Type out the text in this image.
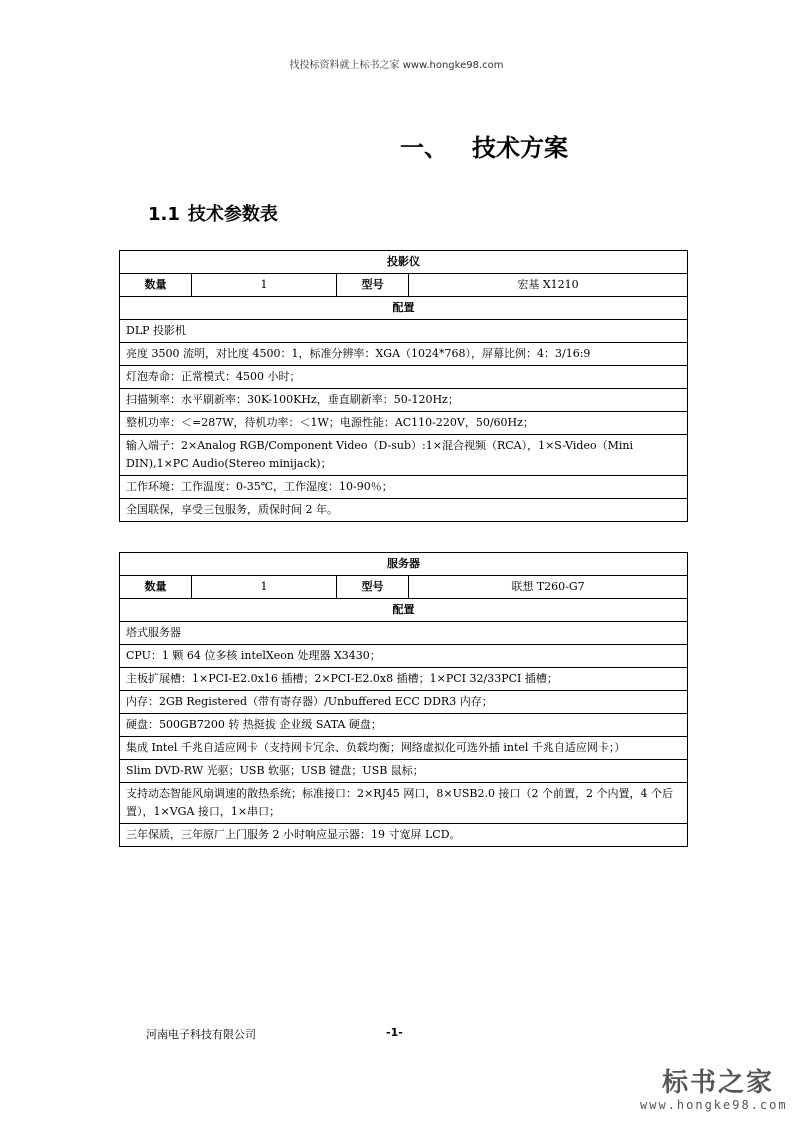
找投标资料就上标书之家 www.hongke98.com
一、 技术方案
1.1 技术参数表
投影仪
数量	1	型号	宏基 X1210
配置
DLP 投影机
亮度 3500 流明，对比度 4500：1，标准分辨率：XGA（1024*768），屏幕比例：4：3/16:9
灯泡寿命：正常模式：4500 小时；
扫描频率：水平刷新率：30K-100KHz，垂直刷新率：50-120Hz；
整机功率：＜=287W，待机功率：＜1W；电源性能：AC110-220V，50/60Hz；
输入端子：2×Analog RGB/Component Video（D-sub）:1×混合视频（RCA），1×S-Video（Mini DIN),1×PC Audio(Stereo minijack)；
工作环境：工作温度：0-35℃，工作湿度：10-90％；
全国联保，享受三包服务，质保时间 2 年。
服务器
数量	1	型号	联想 T260-G7
配置
塔式服务器
CPU：1 颗 64 位多核 intelXeon 处理器 X3430；
主板扩展槽：1×PCI-E2.0x16 插槽；2×PCI-E2.0x8 插槽；1×PCI 32/33PCI 插槽；
内存：2GB Registered（带有寄存器）/Unbuffered ECC DDR3 内存；
硬盘：500GB7200 转 热挺拔 企业级 SATA 硬盘；
集成 Intel 千兆自适应网卡（支持网卡冗余、负载均衡；网络虚拟化可选外插 intel 千兆自适应网卡；）
Slim DVD-RW 光驱；USB 软驱；USB 键盘；USB 鼠标；
支持动态智能风扇调速的散热系统；标准接口：2×RJ45 网口，8×USB2.0 接口（2 个前置，2 个内置，4 个后置），1×VGA 接口，1×串口；
三年保质，三年原厂上门服务 2 小时响应显示器：19 寸宽屏 LCD。
河南电子科技有限公司	-1-
标书之家
www.hongke98.com
